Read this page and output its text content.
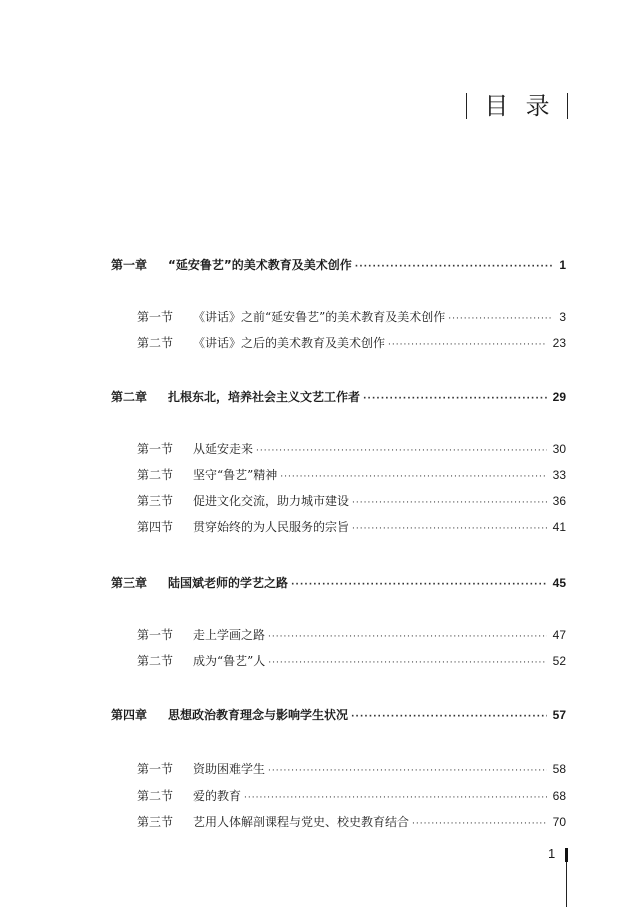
目 录
第一章	“延安鲁艺”的美术教育及美术创作 ·····	1
第一节	《讲话》之前“延安鲁艺”的美术教育及美术创作 ·····	3
第二节	《讲话》之后的美术教育及美术创作 ·····	23
第二章	扎根东北，培养社会主义文艺工作者 ·····	29
第一节	从延安走来 ·····	30
第二节	坚守“鲁艺”精神 ·····	33
第三节	促进文化交流，助力城市建设 ·····	36
第四节	贯穿始终的为人民服务的宗旨 ·····	41
第三章	陆国斌老师的学艺之路 ·····	45
第一节	走上学画之路 ·····	47
第二节	成为“鲁艺”人 ·····	52
第四章	思想政治教育理念与影响学生状况 ·····	57
第一节	资助困难学生 ·····	58
第二节	爱的教育 ·····	68
第三节	艺用人体解剖课程与党史、校史教育结合 ·····	70
1
